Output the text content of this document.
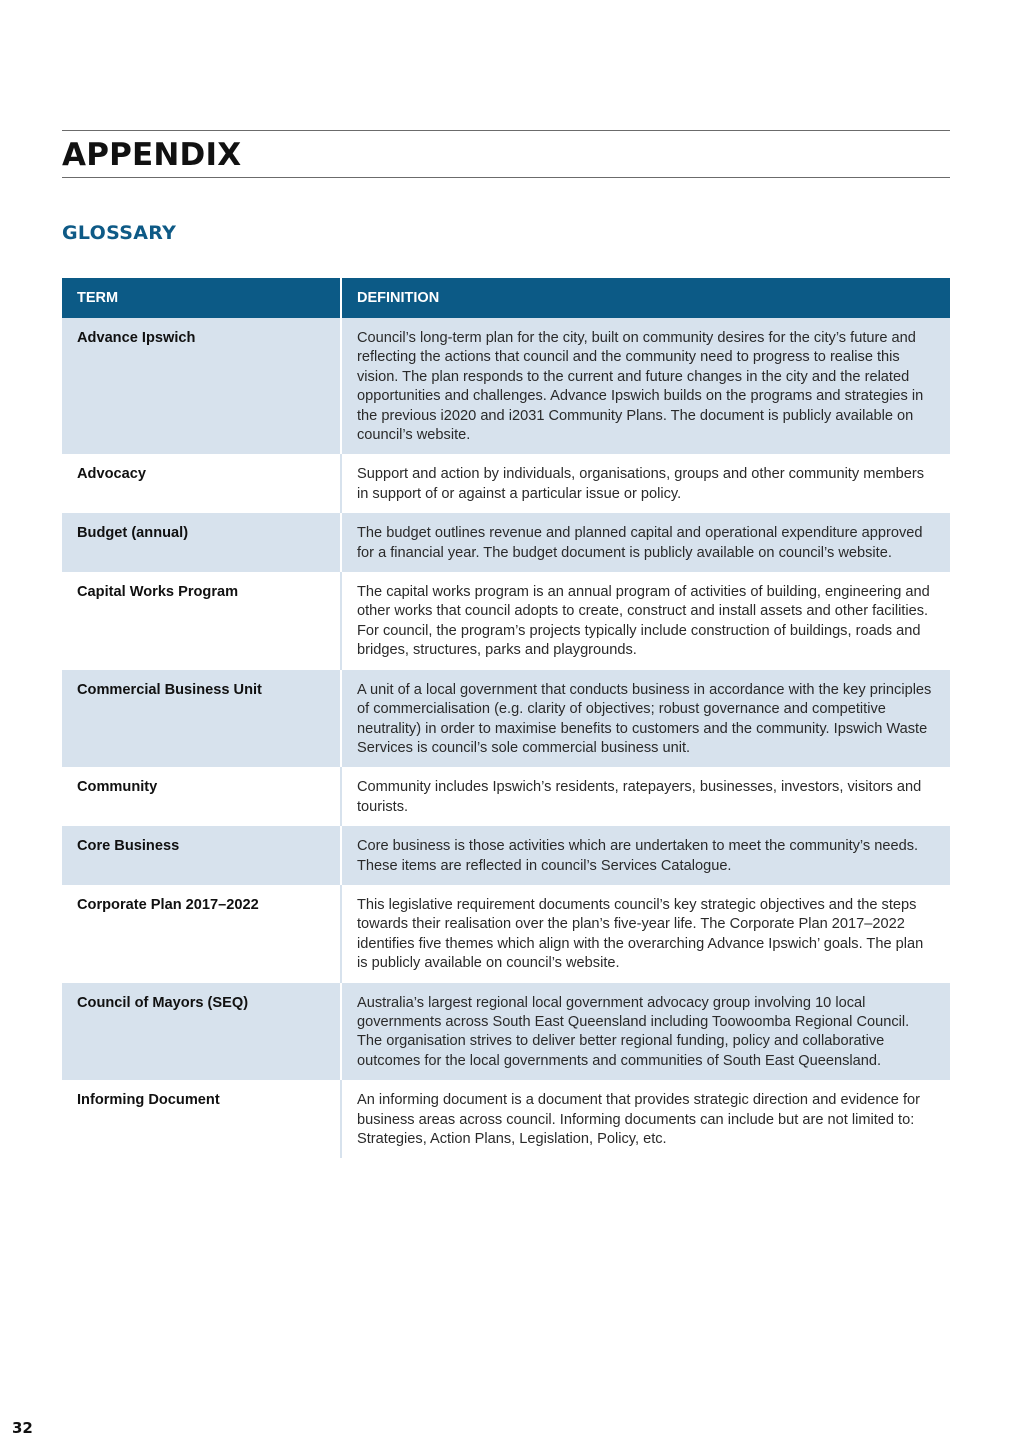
APPENDIX
GLOSSARY
TERM	DEFINITION
Advance Ipswich	Council’s long-term plan for the city, built on community desires for the city’s future and reflecting the actions that council and the community need to progress to realise this vision. The plan responds to the current and future changes in the city and the related opportunities and challenges. Advance Ipswich builds on the programs and strategies in the previous i2020 and i2031 Community Plans. The document is publicly available on council’s website.
Advocacy	Support and action by individuals, organisations, groups and other community members in support of or against a particular issue or policy.
Budget (annual)	The budget outlines revenue and planned capital and operational expenditure approved for a financial year. The budget document is publicly available on council’s website.
Capital Works Program	The capital works program is an annual program of activities of building, engineering and other works that council adopts to create, construct and install assets and other facilities. For council, the program’s projects typically include construction of buildings, roads and bridges, structures, parks and playgrounds.
Commercial Business Unit	A unit of a local government that conducts business in accordance with the key principles of commercialisation (e.g. clarity of objectives; robust governance and competitive neutrality) in order to maximise benefits to customers and the community. Ipswich Waste Services is council’s sole commercial business unit.
Community	Community includes Ipswich’s residents, ratepayers, businesses, investors, visitors and tourists.
Core Business	Core business is those activities which are undertaken to meet the community’s needs. These items are reflected in council’s Services Catalogue.
Corporate Plan 2017–2022	This legislative requirement documents council’s key strategic objectives and the steps towards their realisation over the plan’s five-year life. The Corporate Plan 2017–2022 identifies five themes which align with the overarching Advance Ipswich’ goals. The plan is publicly available on council’s website.
Council of Mayors (SEQ)	Australia’s largest regional local government advocacy group involving 10 local governments across South East Queensland including Toowoomba Regional Council. The organisation strives to deliver better regional funding, policy and collaborative outcomes for the local governments and communities of South East Queensland.
Informing Document	An informing document is a document that provides strategic direction and evidence for business areas across council. Informing documents can include but are not limited to: Strategies, Action Plans, Legislation, Policy, etc.
32
